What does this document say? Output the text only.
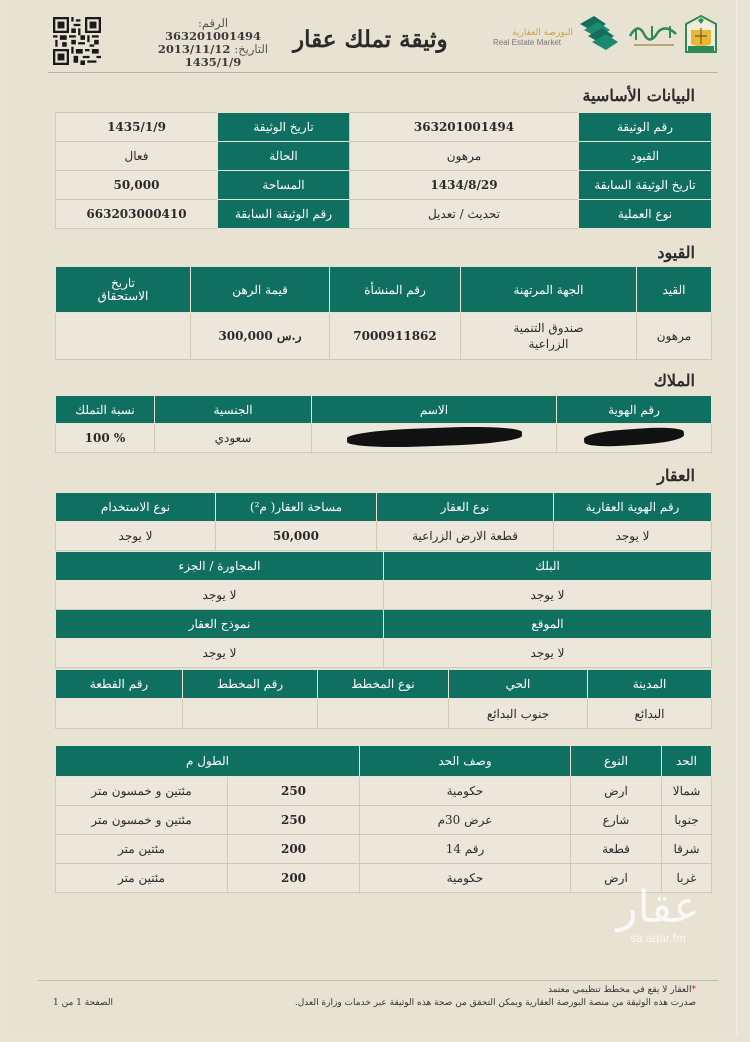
الرقم: 363201001494
التاريخ: 2013/11/12
1435/1/9
وثيقة تملك عقار	البورصة العقارية
Real Estate Market
البيانات الأساسية
رقم الوثيقة	363201001494	تاريخ الوثيقة	1435/1/9
القيود	مرهون	الحالة	فعال
تاريخ الوثيقة السابقة	1434/8/29	المساحة	50,000
نوع العملية	تحديث / تعديل	رقم الوثيقة السابقة	663203000410
القيود
القيد	الجهة المرتهنة	رقم المنشأة	قيمة الرهن	تاريخ الاستحقاق
مرهون	صندوق التنمية الزراعية	7000911862	ر.س 300,000	
الملاك
رقم الهوية	الاسم	الجنسية	نسبة التملك
		سعودي	% 100
العقار
رقم الهوية العقارية	نوع العقار	مساحة العقار( م²)	نوع الاستخدام
لا يوجد	قطعة الارض الزراعية	50,000	لا يوجد
البلك	المجاورة / الجزء
لا يوجد	لا يوجد
الموقع	نموذج العقار
لا يوجد	لا يوجد
المدينة	الحي	نوع المخطط	رقم المخطط	رقم القطعة
البدائع	جنوب البدائع			
الحد	النوع	وصف الحد	الطول م	
شمالا	ارض	حكومية	250	مئتين و خمسون متر
جنوبا	شارع	عرض 30م	250	مئتين و خمسون متر
شرقا	قطعة	رقم 14	200	مئتين متر
غربا	ارض	حكومية	200	مئتين متر
عقار
sa.aqar.fm
*العقار لا يقع في مخطط تنظيمي معتمد
صدرت هذه الوثيقة من منصة البورصة العقارية ويمكن التحقق من صحة هذه الوثيقة عبر خدمات وزارة العدل.
الصفحة 1 من 1
